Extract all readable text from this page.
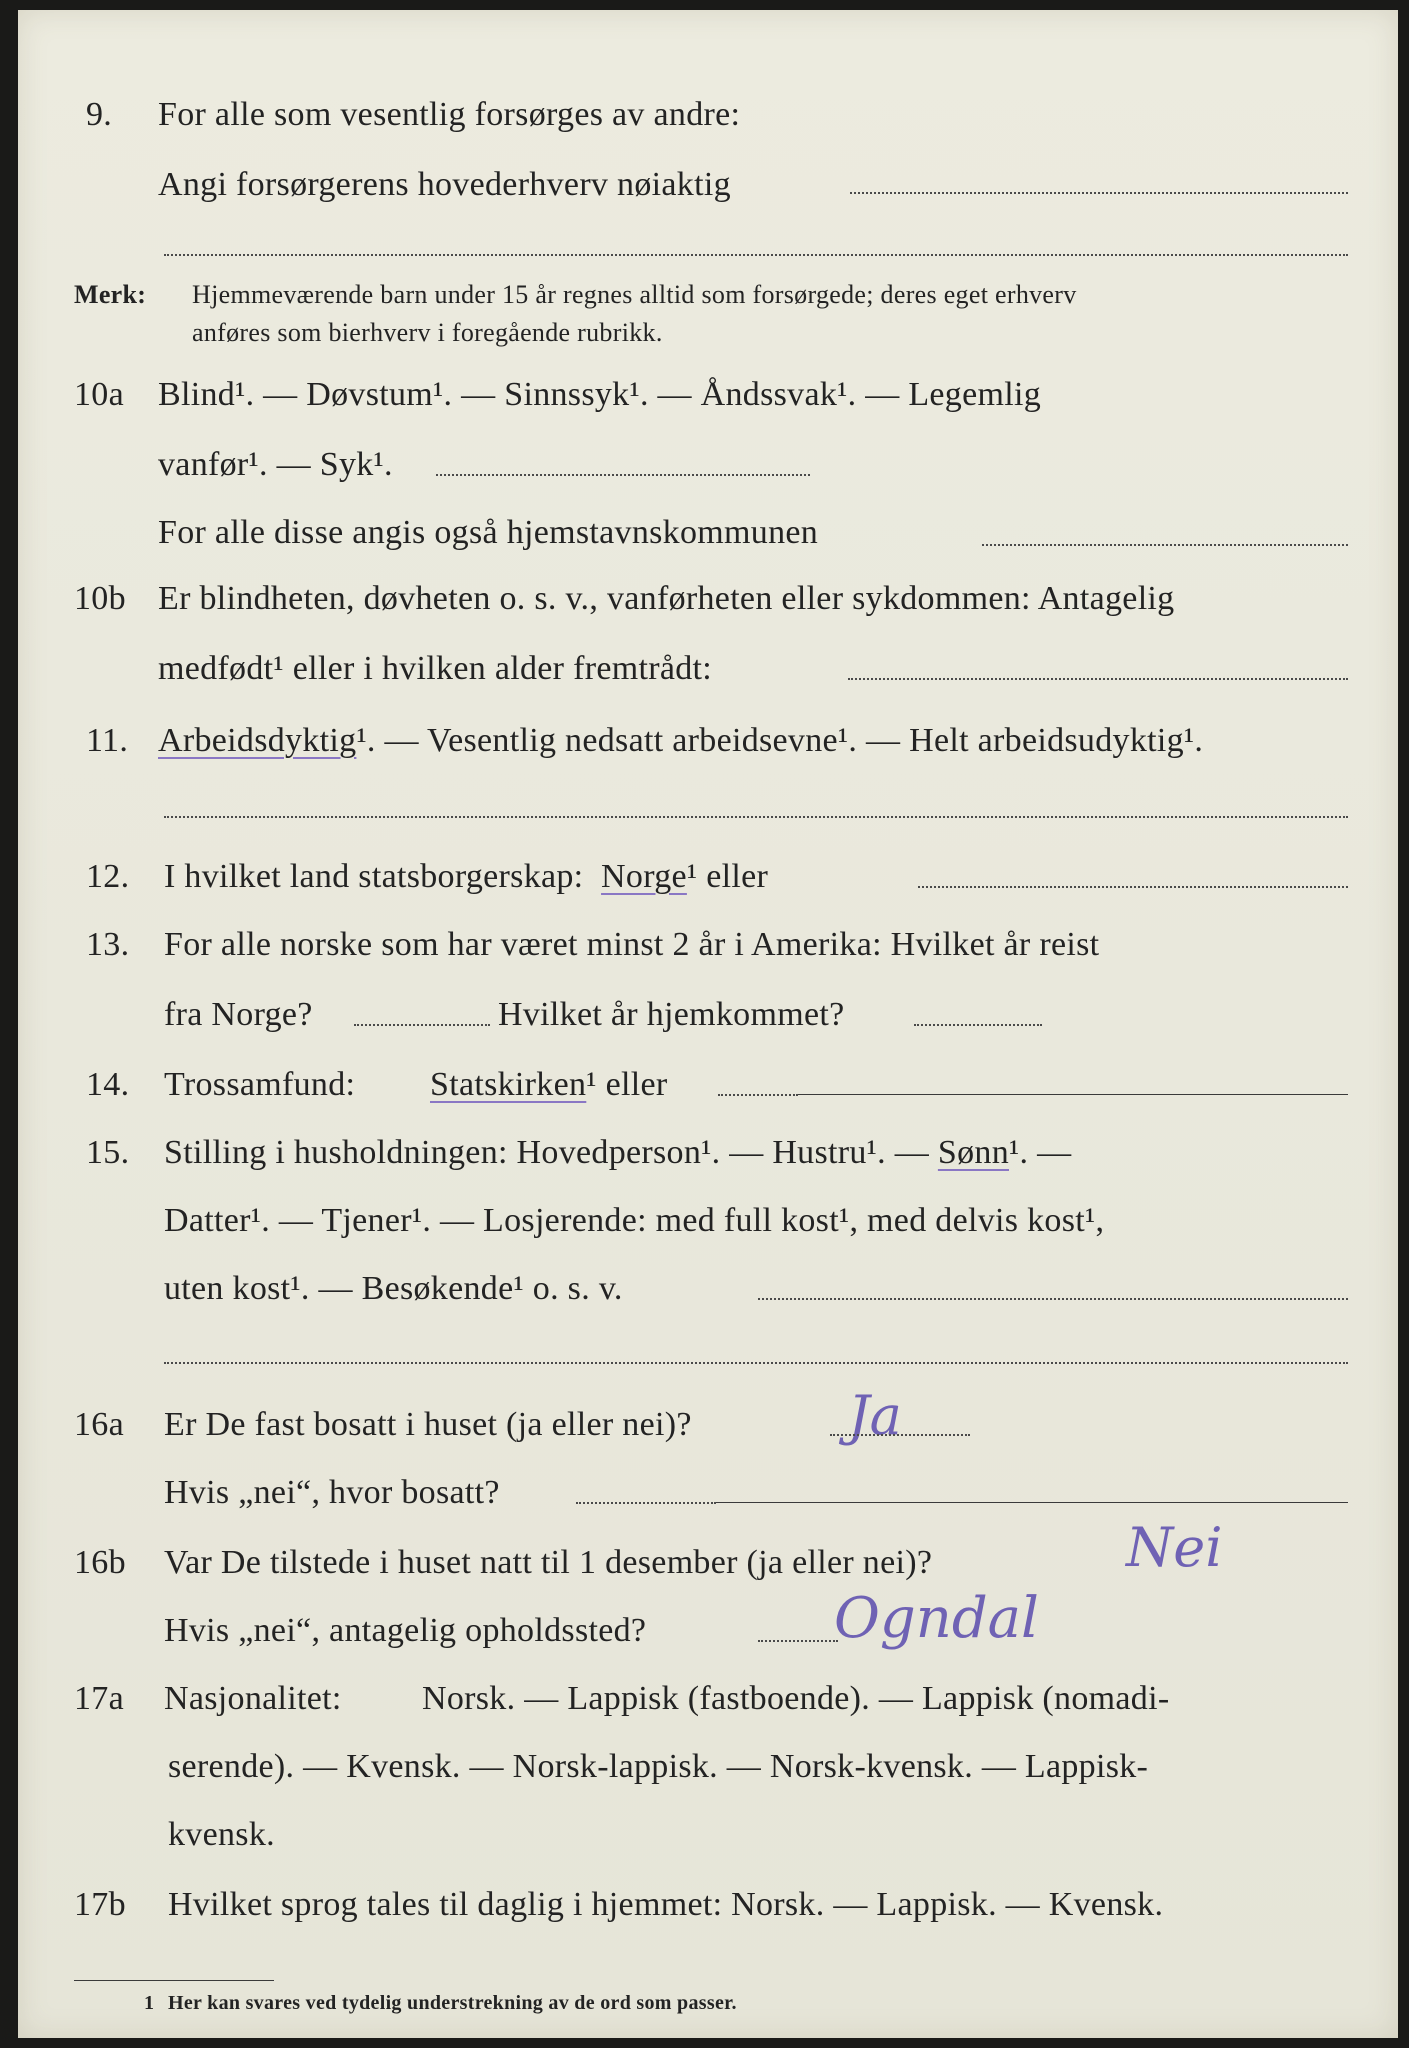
9. For alle som vesentlig forsørges av andre:
Angi forsørgerens hovederhverv nøiaktig
Merk: Hjemmeværende barn under 15 år regnes alltid som forsørgede; deres eget erhverv
anføres som bierhverv i foregående rubrikk.
10a Blind¹. — Døvstum¹. — Sinnssyk¹. — Åndssvak¹. — Legemlig
vanfør¹. — Syk¹.
For alle disse angis også hjemstavnskommunen
10b Er blindheten, døvheten o. s. v., vanførheten eller sykdommen: Antagelig
medfødt¹ eller i hvilken alder fremtrådt:
11. Arbeidsdyktig¹. — Vesentlig nedsatt arbeidsevne¹. — Helt arbeidsudyktig¹.
12. I hvilket land statsborgerskap: Norge¹ eller
13. For alle norske som har været minst 2 år i Amerika: Hvilket år reist
fra Norge?	Hvilket år hjemkommet?
14. Trossamfund: Statskirken¹ eller
15. Stilling i husholdningen: Hovedperson¹. — Hustru¹. — Sønn¹. —
Datter¹. — Tjener¹. — Losjerende: med full kost¹, med delvis kost¹,
uten kost¹. — Besøkende¹ o. s. v.
16a Er De fast bosatt i huset (ja eller nei)?	Ja
Hvis „nei“, hvor bosatt?
16b Var De tilstede i huset natt til 1 desember (ja eller nei)?	Nei
Hvis „nei“, antagelig opholdssted?	Ogndal
17a Nasjonalitet: Norsk. — Lappisk (fastboende). — Lappisk (nomadi-
serende). — Kvensk. — Norsk-lappisk. — Norsk-kvensk. — Lappisk-
kvensk.
17b Hvilket sprog tales til daglig i hjemmet: Norsk. — Lappisk. — Kvensk.
1 Her kan svares ved tydelig understrekning av de ord som passer.
